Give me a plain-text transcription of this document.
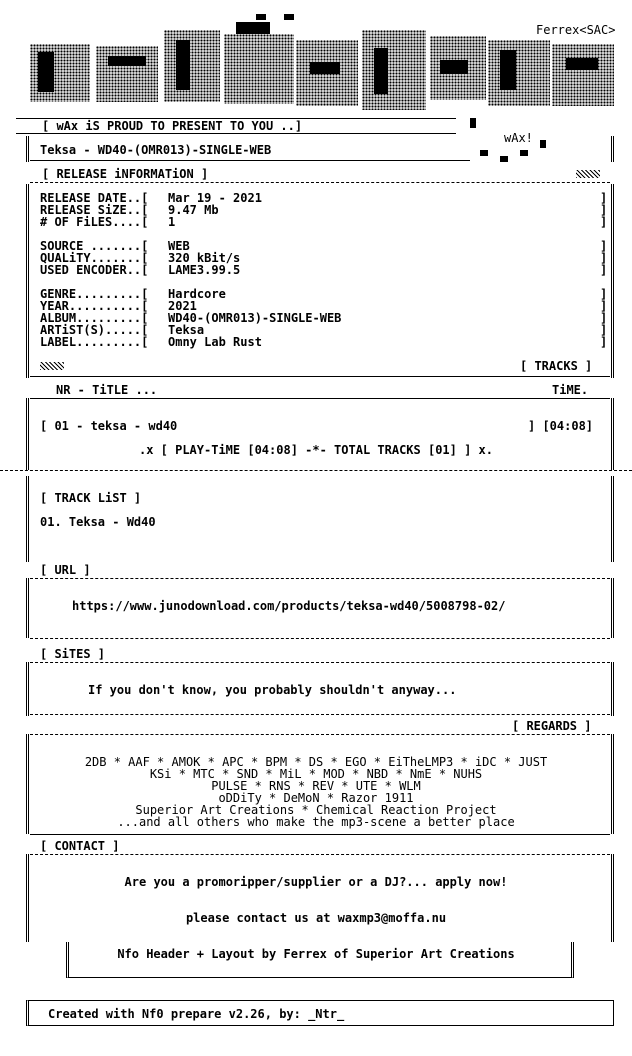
Ferrex<SAC>
wAx!
[ wAx iS PROUD TO PRESENT TO YOU ..]
Teksa - WD40-(OMR013)-SINGLE-WEB
[ RELEASE iNFORMATiON ]
RELEASE DATE..[ Mar 19 - 2021	]
RELEASE SiZE..[ 9.47 Mb	]
# OF FiLES....[ 1	]
SOURCE .......[ WEB	]
QUALiTY.......[ 320 kBit/s	]
USED ENCODER..[ LAME3.99.5	]
GENRE.........[ Hardcore	]
YEAR..........[ 2021	]
ALBUM.........[ WD40-(OMR013)-SINGLE-WEB	]
ARTiST(S).....[ Teksa	]
LABEL.........[ Omny Lab Rust	]
[ TRACKS ]
NR - TiTLE ...	TiME.
[ 01 - teksa - wd40	] [04:08]
.x [ PLAY-TiME [04:08] -*- TOTAL TRACKS [01] ] x.
[ TRACK LiST ]
01. Teksa - Wd40
[ URL ]
https://www.junodownload.com/products/teksa-wd40/5008798-02/
[ SiTES ]
If you don't know, you probably shouldn't anyway...
[ REGARDS ]
2DB * AAF * AMOK * APC * BPM * DS * EGO * EiTheLMP3 * iDC * JUST
KSi * MTC * SND * MiL * MOD * NBD * NmE * NUHS
PULSE * RNS * REV * UTE * WLM
oDDiTy * DeMoN * Razor 1911
Superior Art Creations * Chemical Reaction Project
...and all others who make the mp3-scene a better place
[ CONTACT ]
Are you a promoripper/supplier or a DJ?... apply now!
please contact us at waxmp3@moffa.nu
Nfo Header + Layout by Ferrex of Superior Art Creations
Created with Nf0 prepare v2.26, by: _Ntr_
